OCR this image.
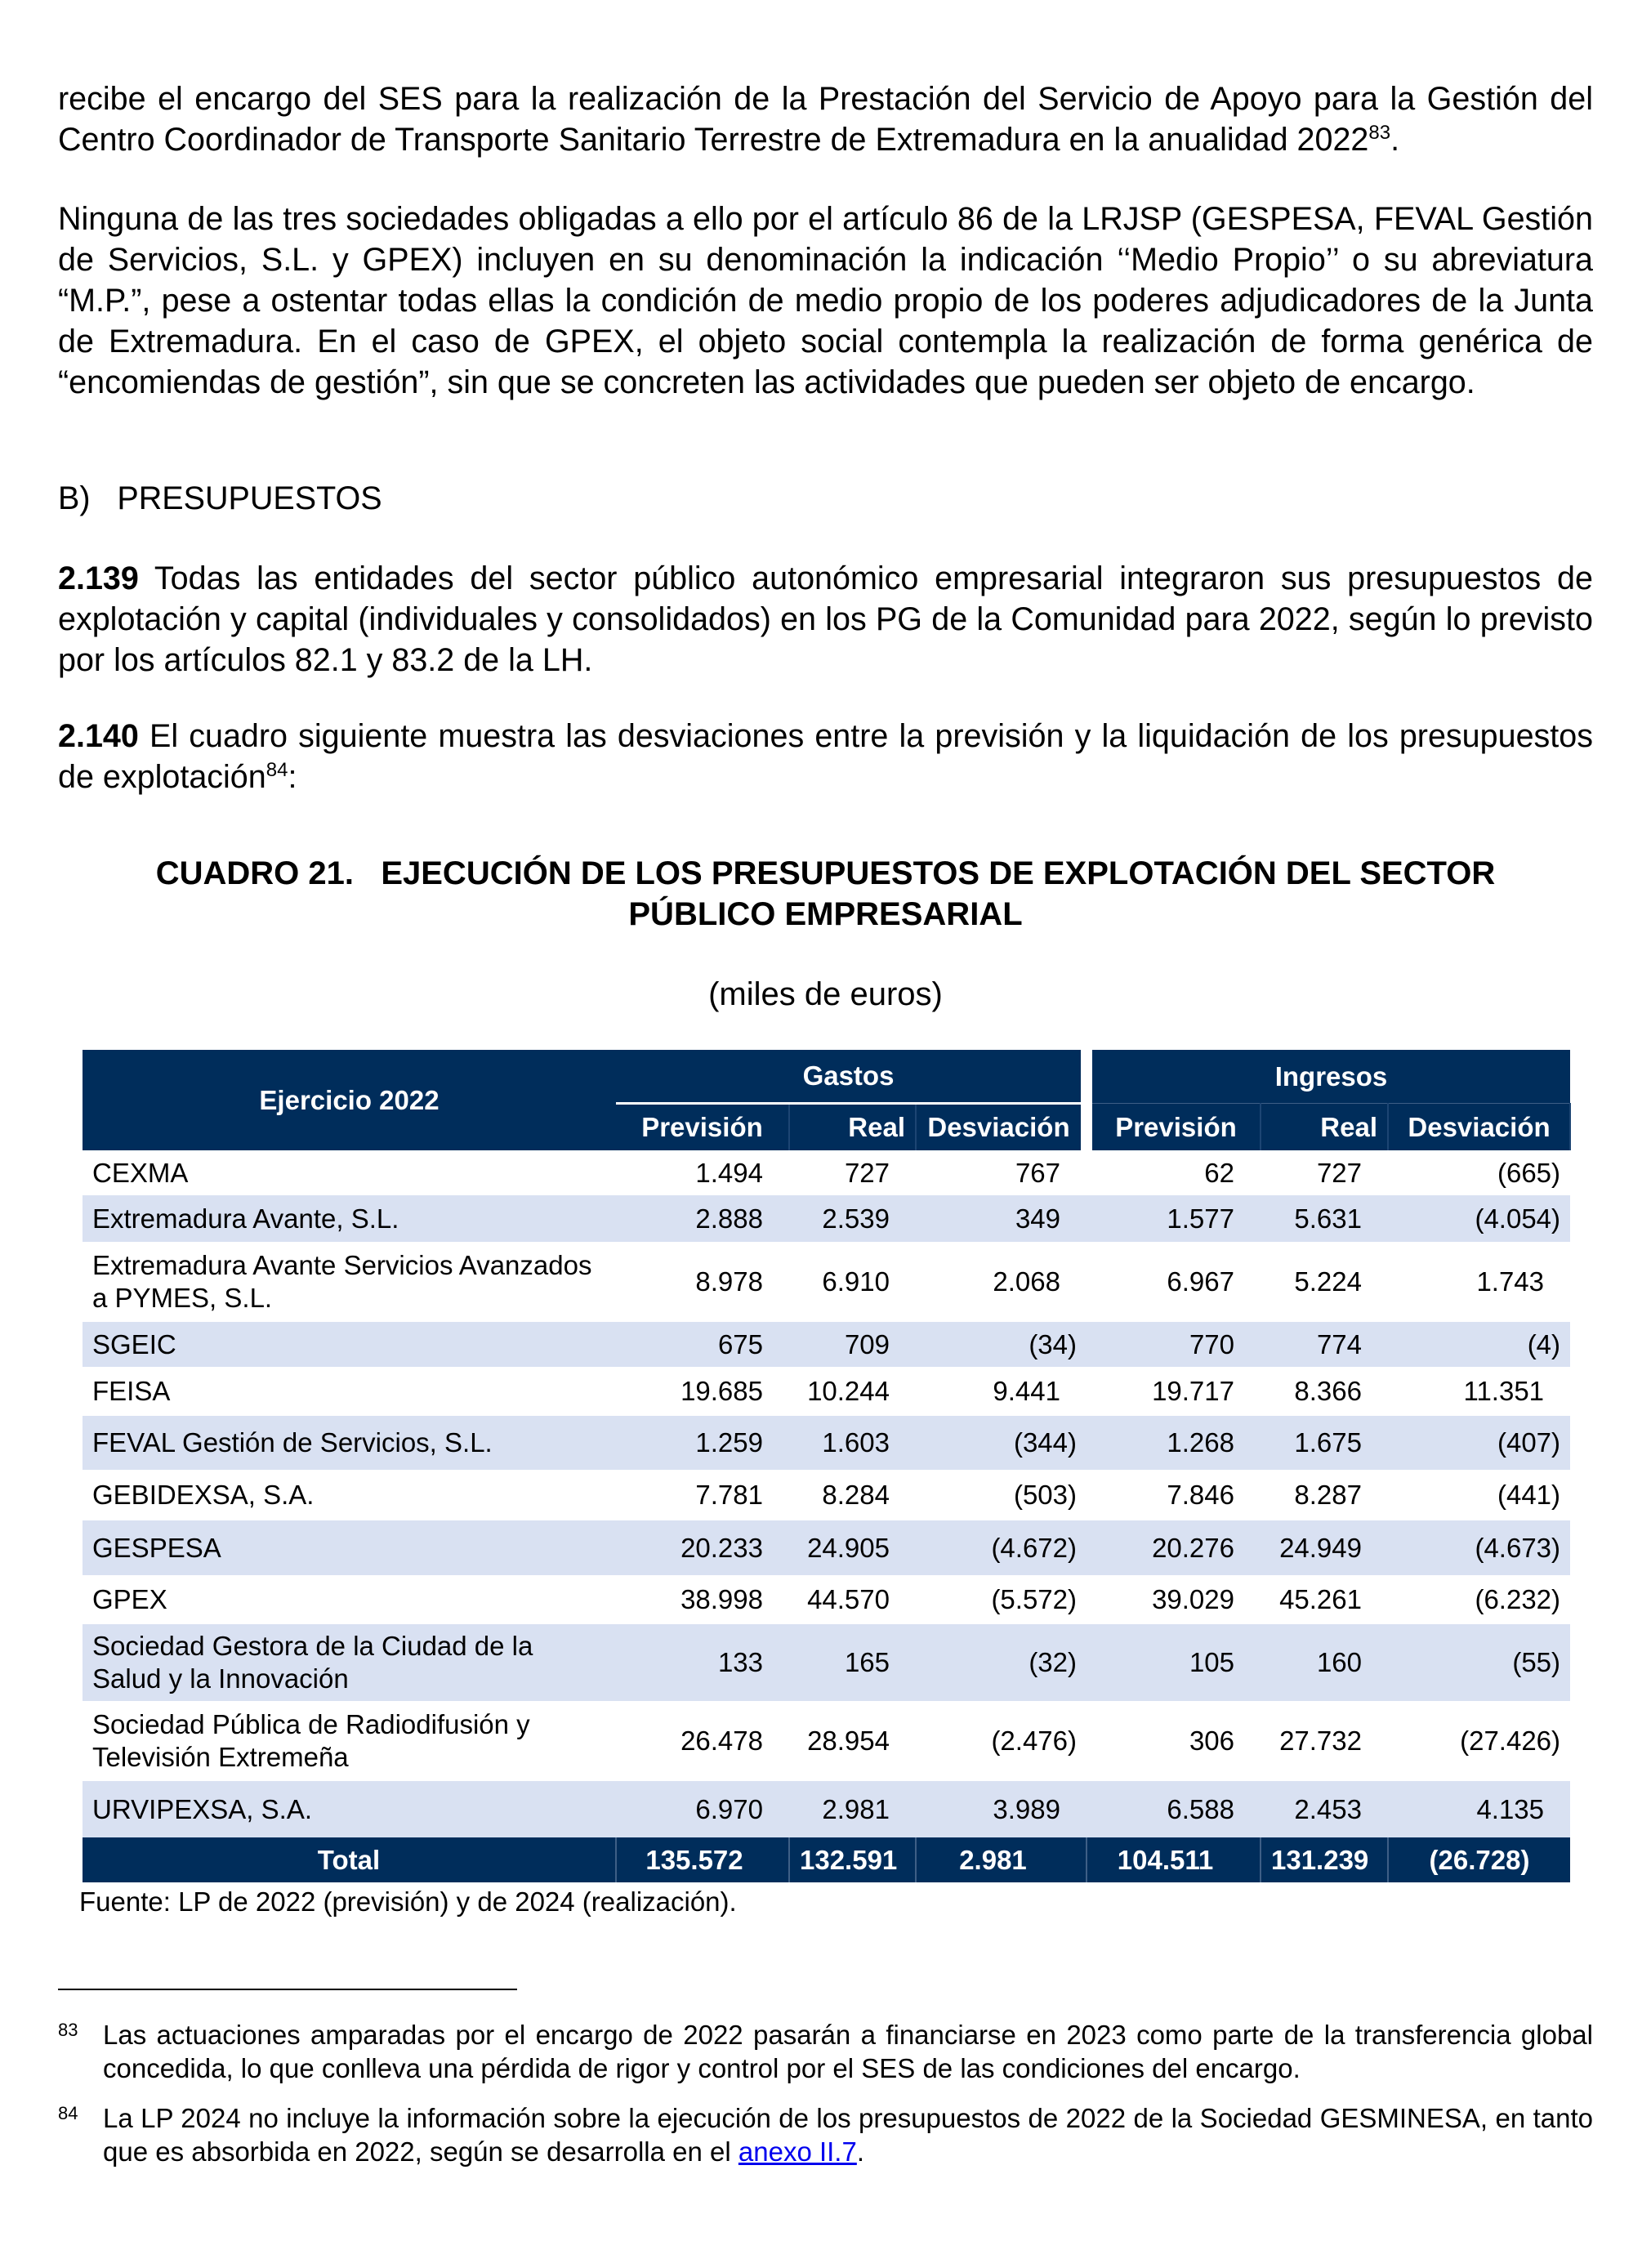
recibe el encargo del SES para la realización de la Prestación del Servicio de Apoyo para la Gestión del Centro Coordinador de Transporte Sanitario Terrestre de Extremadura en la anualidad 2022$^{83}$.
Ninguna de las tres sociedades obligadas a ello por el artículo 86 de la LRJSP (GESPESA, FEVAL Gestión de Servicios, S.L. y GPEX) incluyen en su denominación la indicación ‘‘Medio Propio’’ o su abreviatura “M.P.”, pese a ostentar todas ellas la condición de medio propio de los poderes adjudicadores de la Junta de Extremadura. En el caso de GPEX, el objeto social contempla la realización de forma genérica de “encomiendas de gestión”, sin que se concreten las actividades que pueden ser objeto de encargo.
B)   PRESUPUESTOS
2.139 Todas las entidades del sector público autonómico empresarial integraron sus presupuestos de explotación y capital (individuales y consolidados) en los PG de la Comunidad para 2022, según lo previsto por los artículos 82.1 y 83.2 de la LH.
2.140 El cuadro siguiente muestra las desviaciones entre la previsión y la liquidación de los presupuestos de explotación$^{84}$:
CUADRO 21.   EJECUCIÓN DE LOS PRESUPUESTOS DE EXPLOTACIÓN DEL SECTOR
PÚBLICO EMPRESARIAL
(miles de euros)
Ejercicio 2022	Gastos			Ingresos		
	Previsión	Real	Desviación	Previsión	Real	Desviación
CEXMA	1.494	727	767	62	727	(665)
Extremadura Avante, S.L.	2.888	2.539	349	1.577	5.631	(4.054)
Extremadura Avante Servicios Avanzados a PYMES, S.L.	8.978	6.910	2.068	6.967	5.224	1.743
SGEIC	675	709	(34)	770	774	(4)
FEISA	19.685	10.244	9.441	19.717	8.366	11.351
FEVAL Gestión de Servicios, S.L.	1.259	1.603	(344)	1.268	1.675	(407)
GEBIDEXSA, S.A.	7.781	8.284	(503)	7.846	8.287	(441)
GESPESA	20.233	24.905	(4.672)	20.276	24.949	(4.673)
GPEX	38.998	44.570	(5.572)	39.029	45.261	(6.232)
Sociedad Gestora de la Ciudad de la Salud y la Innovación	133	165	(32)	105	160	(55)
Sociedad Pública de Radiodifusión y Televisión Extremeña	26.478	28.954	(2.476)	306	27.732	(27.426)
URVIPEXSA, S.A.	6.970	2.981	3.989	6.588	2.453	4.135
Total	135.572	132.591	2.981	104.511	131.239	(26.728)
Fuente: LP de 2022 (previsión) y de 2024 (realización).
83 Las actuaciones amparadas por el encargo de 2022 pasarán a financiarse en 2023 como parte de la transferencia global concedida, lo que conlleva una pérdida de rigor y control por el SES de las condiciones del encargo.
84 La LP 2024 no incluye la información sobre la ejecución de los presupuestos de 2022 de la Sociedad GESMINESA, en tanto que es absorbida en 2022, según se desarrolla en el anexo II.7.
